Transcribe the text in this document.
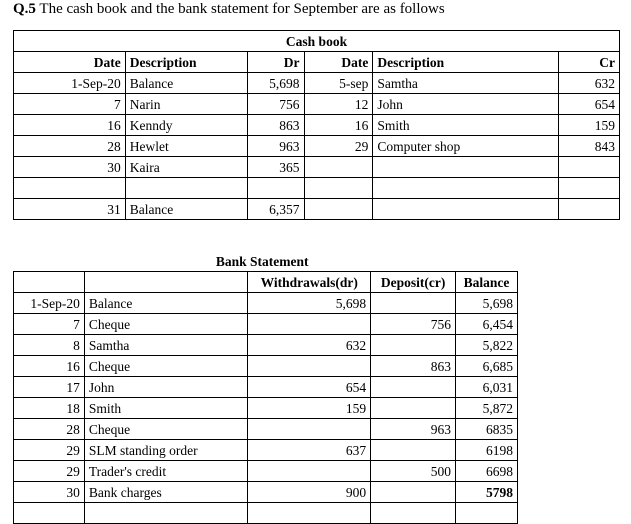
Q.5 The cash book and the bank statement for September are as follows
Cash book					
Date	Description	Dr	Date	Description	Cr
1-Sep-20	Balance	5,698	5-sep	Samtha	632
7	Narin	756	12	John	654
16	Kenndy	863	16	Smith	159
28	Hewlet	963	29	Computer shop	843
30	Kaira	365			

31	Balance	6,357			
		Bank Statement		
		Withdrawals(dr)	Deposit(cr)	Balance
1-Sep-20	Balance	5,698		5,698
7	Cheque		756	6,454
8	Samtha	632		5,822
16	Cheque		863	6,685
17	John	654		6,031
18	Smith	159		5,872
28	Cheque		963	6835
29	SLM standing order	637		6198
29	Trader's credit		500	6698
30	Bank charges	900		5798
